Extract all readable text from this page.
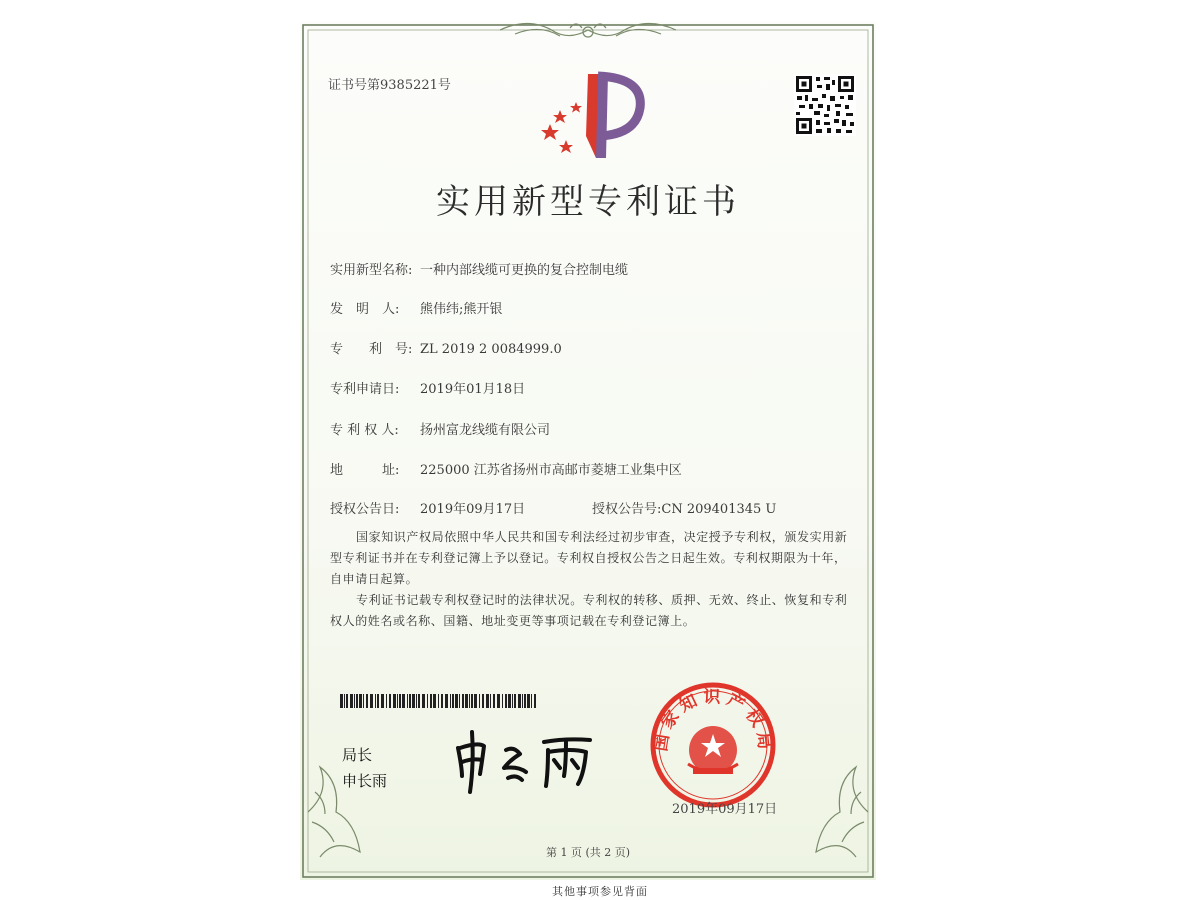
证书号第9385221号
实用新型专利证书
实用新型名称: 一种内部线缆可更换的复合控制电缆
发　明　人: 熊伟纬;熊开银
专　　利　号: ZL 2019 2 0084999.0
专利申请日: 2019年01月18日
专 利 权 人: 扬州富龙线缆有限公司
地　　　址: 225000 江苏省扬州市高邮市菱塘工业集中区
授权公告日: 2019年09月17日	授权公告号:CN 209401345 U
国家知识产权局依照中华人民共和国专利法经过初步审查，决定授予专利权，颁发实用新型专利证书并在专利登记簿上予以登记。专利权自授权公告之日起生效。专利权期限为十年，自申请日起算。
专利证书记载专利权登记时的法律状况。专利权的转移、质押、无效、终止、恢复和专利权人的姓名或名称、国籍、地址变更等事项记载在专利登记簿上。
局长
申长雨
国家知识产权局
2019年09月17日
第 1 页 (共 2 页)
其他事项参见背面
